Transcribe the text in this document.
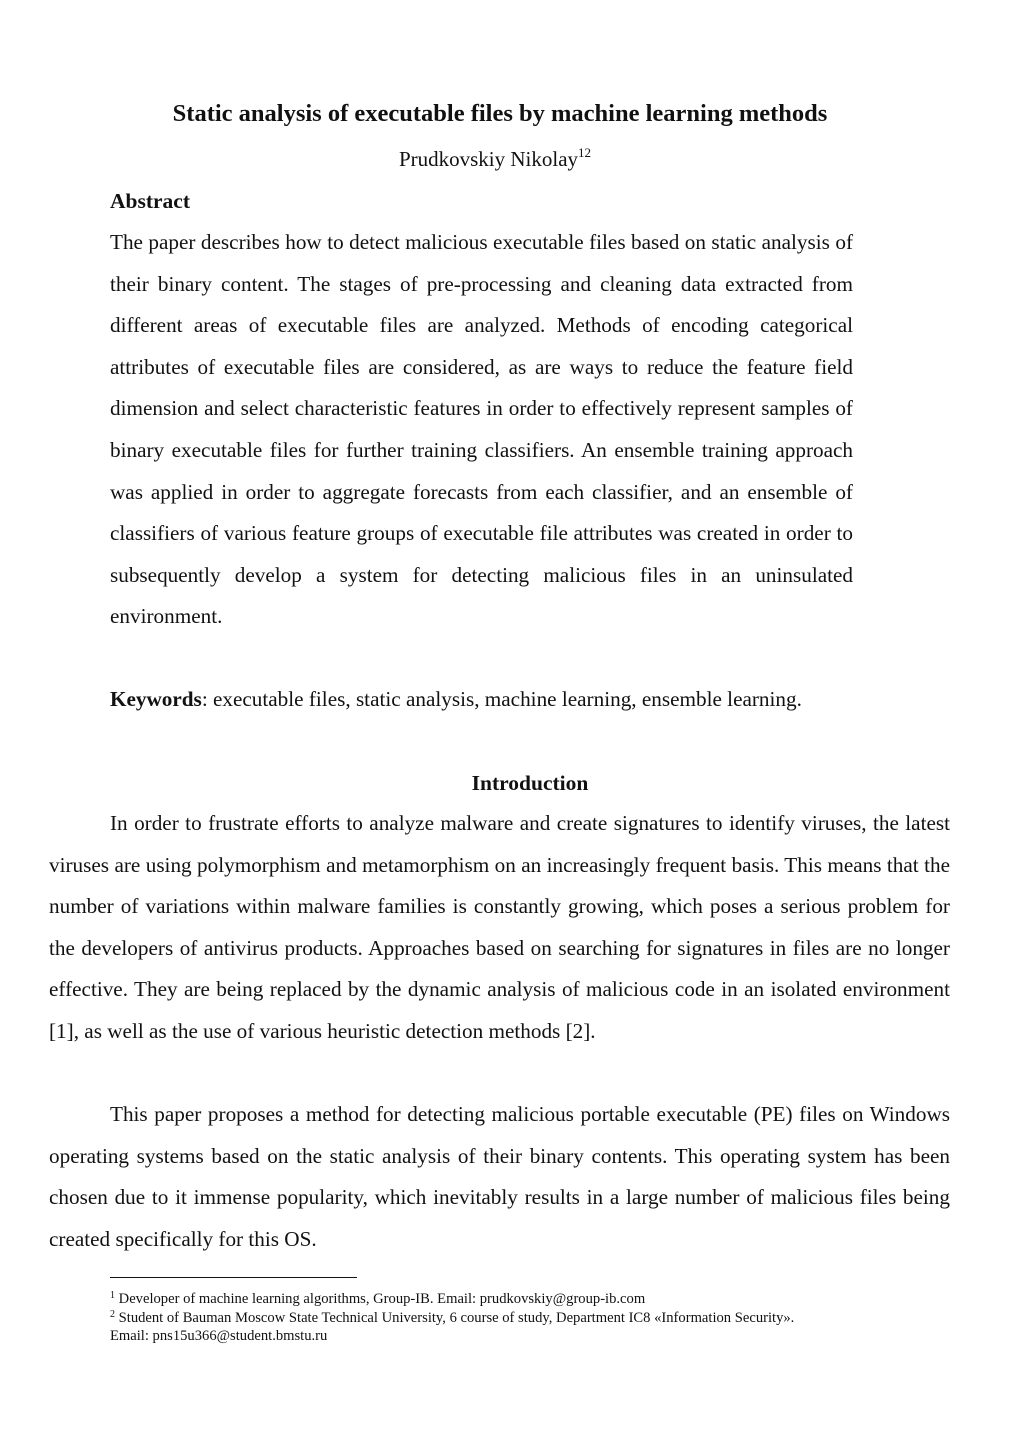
Static analysis of executable files by machine learning methods

Prudkovskiy Nikolay$^{12}$

Abstract

The paper describes how to detect malicious executable files based on static analysis of their binary content. The stages of pre-processing and cleaning data extracted from different areas of executable files are analyzed. Methods of encoding categorical attributes of executable files are considered, as are ways to reduce the feature field dimension and select characteristic features in order to effectively represent samples of binary executable files for further training classifiers. An ensemble training approach was applied in order to aggregate forecasts from each classifier, and an ensemble of classifiers of various feature groups of executable file attributes was created in order to subsequently develop a system for detecting malicious files in an uninsulated environment.

Keywords: executable files, static analysis, machine learning, ensemble learning.

Introduction

In order to frustrate efforts to analyze malware and create signatures to identify viruses, the latest viruses are using polymorphism and metamorphism on an increasingly frequent basis. This means that the number of variations within malware families is constantly growing, which poses a serious problem for the developers of antivirus products. Approaches based on searching for signatures in files are no longer effective. They are being replaced by the dynamic analysis of malicious code in an isolated environment [1], as well as the use of various heuristic detection methods [2].

This paper proposes a method for detecting malicious portable executable (PE) files on Windows operating systems based on the static analysis of their binary contents. This operating system has been chosen due to it immense popularity, which inevitably results in a large number of malicious files being created specifically for this OS.

$^1$ Developer of machine learning algorithms, Group-IB. Email: prudkovskiy@group-ib.com

$^2$ Student of Bauman Moscow State Technical University, 6 course of study, Department IC8 «Information Security». Email: pns15u366@student.bmstu.ru
